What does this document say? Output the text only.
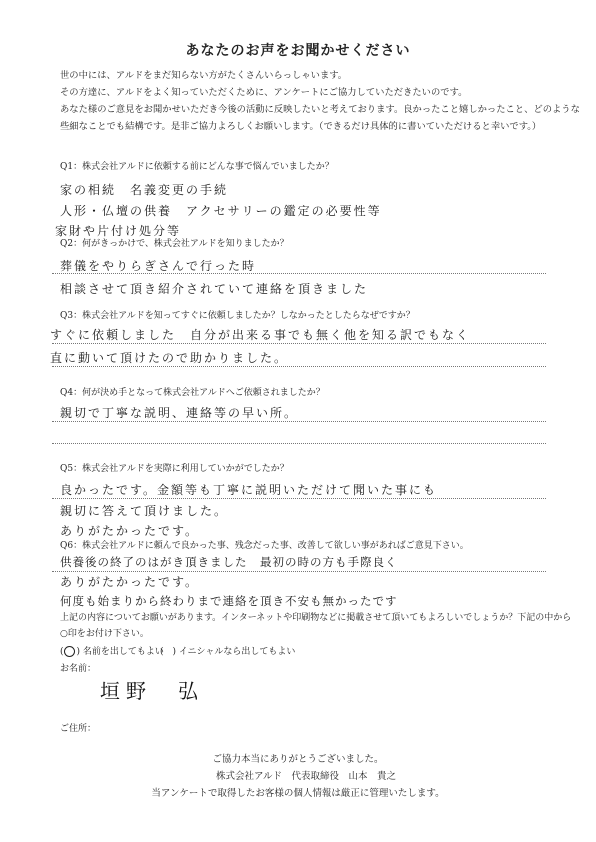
あなたのお声をお聞かせください
世の中には、アルドをまだ知らない方がたくさんいらっしゃいます。
その方達に、アルドをよく知っていただくために、アンケートにご協力していただきたいのです。
あなた様のご意見をお聞かせいただき今後の活動に反映したいと考えております。良かったこと嬉しかったこと、どのような
些細なことでも結構です。是非ご協力よろしくお願いします。（できるだけ具体的に書いていただけると幸いです。）
Q1：株式会社アルドに依頼する前にどんな事で悩んでいましたか？
家の相続　名義変更の手続
人形・仏壇の供養　アクセサリーの鑑定の必要性等
家財や片付け処分等
Q2：何がきっかけで、株式会社アルドを知りましたか？
葬儀をやりらぎさんで行った時
相談させて頂き紹介されていて連絡を頂きました
Q3：株式会社アルドを知ってすぐに依頼しましたか？しなかったとしたらなぜですか？
すぐに依頼しました　自分が出来る事でも無く他を知る訳でもなく
直に動いて頂けたので助かりました。
Q4：何が決め手となって株式会社アルドへご依頼されましたか？
親切で丁寧な説明、連絡等の早い所。
Q5：株式会社アルドを実際に利用していかがでしたか？
良かったです。金額等も丁寧に説明いただけて聞いた事にも
親切に答えて頂けました。
ありがたかったです。
Q6：株式会社アルドに頼んで良かった事、残念だった事、改善して欲しい事があればご意見下さい。
供養後の終了のはがき頂きました　最初の時の方も手際良く
ありがたかったです。
何度も始まりから終わりまで連絡を頂き不安も無かったです
上記の内容についてお願いがあります。インターネットや印刷物などに掲載させて頂いてもよろしいでしょうか？下記の中から
○印をお付け下さい。
( ) 名前を出してもよい
(　) イニシャルなら出してもよい
お名前：
垣野　弘
ご住所：
ご協力本当にありがとうございました。
株式会社アルド　代表取締役　山本　貴之
当アンケートで取得したお客様の個人情報は厳正に管理いたします。
